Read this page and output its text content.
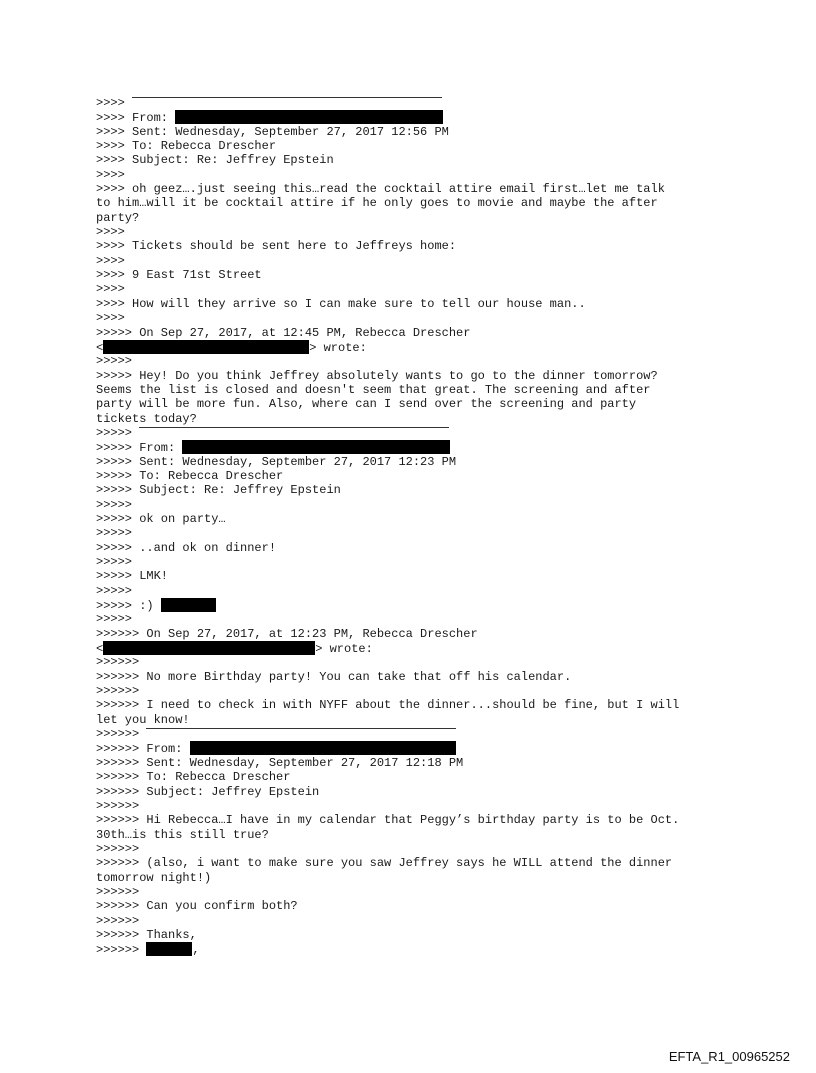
>>>>
>>>> From:
>>>> Sent: Wednesday, September 27, 2017 12:56 PM
>>>> To: Rebecca Drescher
>>>> Subject: Re: Jeffrey Epstein
>>>>
>>>> oh geez….just seeing this…read the cocktail attire email first…let me talk
to him…will it be cocktail attire if he only goes to movie and maybe the after
party?
>>>>
>>>> Tickets should be sent here to Jeffreys home:
>>>>
>>>> 9 East 71st Street
>>>>
>>>> How will they arrive so I can make sure to tell our house man..
>>>>
>>>>> On Sep 27, 2017, at 12:45 PM, Rebecca Drescher
<	> wrote:
>>>>>
>>>>> Hey! Do you think Jeffrey absolutely wants to go to the dinner tomorrow?
Seems the list is closed and doesn't seem that great. The screening and after
party will be more fun. Also, where can I send over the screening and party
tickets today?
>>>>>
>>>>> From:
>>>>> Sent: Wednesday, September 27, 2017 12:23 PM
>>>>> To: Rebecca Drescher
>>>>> Subject: Re: Jeffrey Epstein
>>>>>
>>>>> ok on party…
>>>>>
>>>>> ..and ok on dinner!
>>>>>
>>>>> LMK!
>>>>>
>>>>> :)
>>>>>
>>>>>> On Sep 27, 2017, at 12:23 PM, Rebecca Drescher
<	> wrote:
>>>>>>
>>>>>> No more Birthday party! You can take that off his calendar.
>>>>>>
>>>>>> I need to check in with NYFF about the dinner...should be fine, but I will
let you know!
>>>>>>
>>>>>> From:
>>>>>> Sent: Wednesday, September 27, 2017 12:18 PM
>>>>>> To: Rebecca Drescher
>>>>>> Subject: Jeffrey Epstein
>>>>>>
>>>>>> Hi Rebecca…I have in my calendar that Peggy’s birthday party is to be Oct.
30th…is this still true?
>>>>>>
>>>>>> (also, i want to make sure you saw Jeffrey says he WILL attend the dinner
tomorrow night!)
>>>>>>
>>>>>> Can you confirm both?
>>>>>>
>>>>>> Thanks,
>>>>>>	,
EFTA_R1_00965252
